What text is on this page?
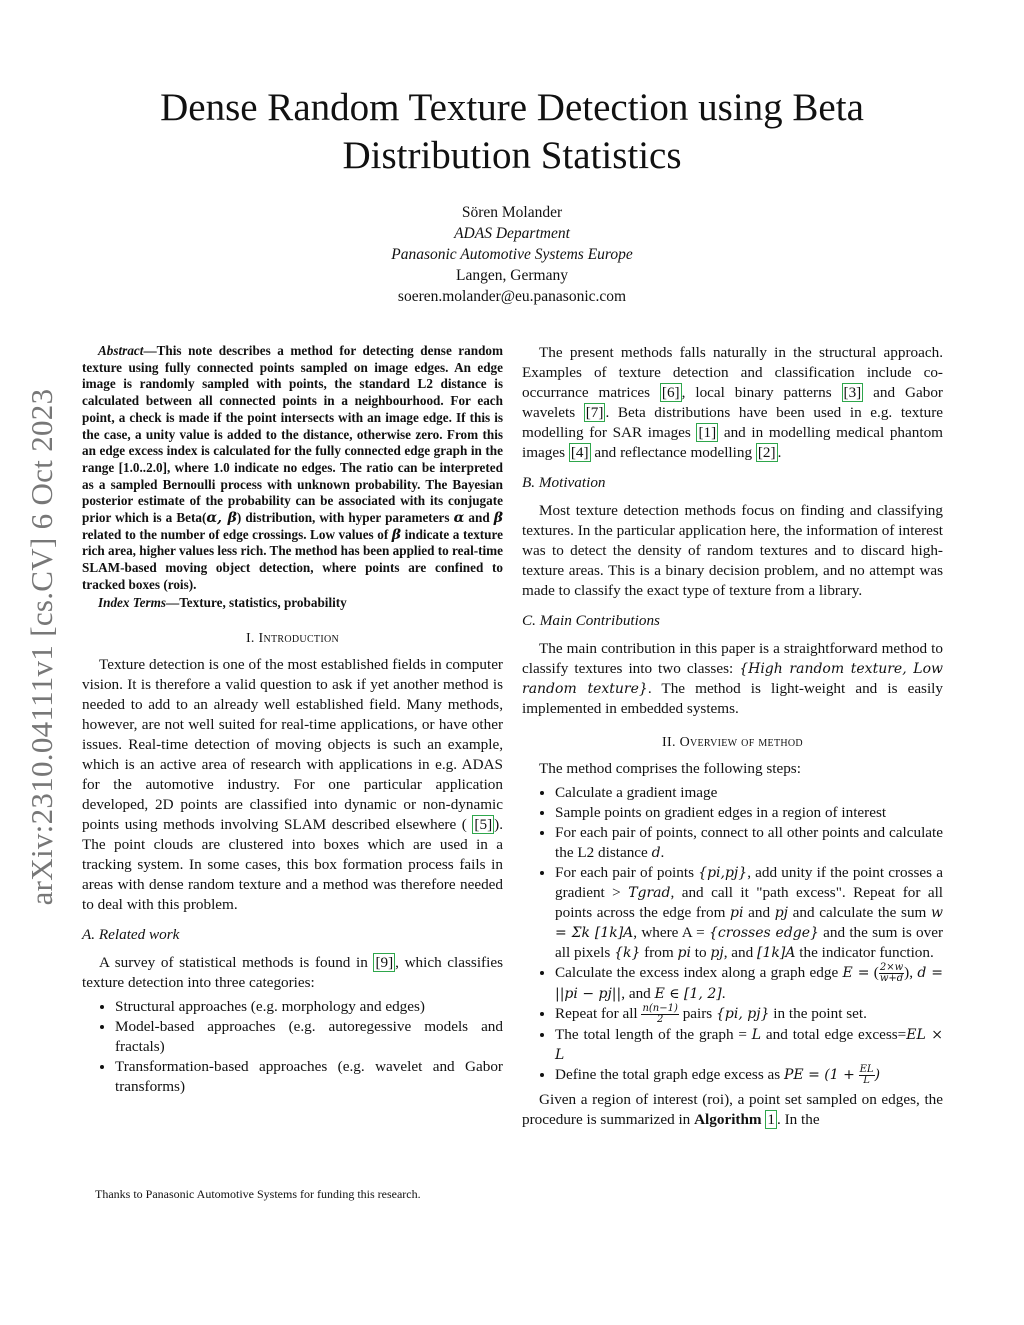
arXiv:2310.04111v1 [cs.CV] 6 Oct 2023
Dense Random Texture Detection using Beta Distribution Statistics
Sören Molander
ADAS Department
Panasonic Automotive Systems Europe
Langen, Germany
soeren.molander@eu.panasonic.com

Abstract—This note describes a method for detecting dense random texture using fully connected points sampled on image edges. An edge image is randomly sampled with points, the standard L2 distance is calculated between all connected points in a neighbourhood. For each point, a check is made if the point intersects with an image edge. If this is the case, a unity value is added to the distance, otherwise zero. From this an edge excess index is calculated for the fully connected edge graph in the range [1.0..2.0], where 1.0 indicate no edges. The ratio can be interpreted as a sampled Bernoulli process with unknown probability. The Bayesian posterior estimate of the probability can be associated with its conjugate prior which is a Beta(α, β) distribution, with hyper parameters α and β related to the number of edge crossings. Low values of β indicate a texture rich area, higher values less rich. The method has been applied to real-time SLAM-based moving object detection, where points are confined to tracked boxes (rois).

Index Terms—Texture, statistics, probability

I. Introduction

Texture detection is one of the most established fields in computer vision. It is therefore a valid question to ask if yet another method is needed to add to an already well established field. Many methods, however, are not well suited for real-time applications, or have other issues. Real-time detection of moving objects is such an example, which is an active area of research with applications in e.g. ADAS for the automotive industry. For one particular application developed, 2D points are classified into dynamic or non-dynamic points using methods involving SLAM described elsewhere ( [5] ). The point clouds are clustered into boxes which are used in a tracking system. In some cases, this box formation process fails in areas with dense random texture and a method was therefore needed to deal with this problem.

A. Related work

A survey of statistical methods is found in [9] , which classifies texture detection into three categories:

• Structural approaches (e.g. morphology and edges)
• Model-based approaches (e.g. autoregessive models and fractals)
• Transformation-based approaches (e.g. wavelet and Gabor transforms)
Thanks to Panasonic Automotive Systems for funding this research.

The present methods falls naturally in the structural approach. Examples of texture detection and classification include co-occurrance matrices [6] , local binary patterns [3] and Gabor wavelets [7] . Beta distributions have been used in e.g. texture modelling for SAR images [1] and in modelling medical phantom images [4] and reflectance modelling [2] .

B. Motivation

Most texture detection methods focus on finding and classifying textures. In the particular application here, the information of interest was to detect the density of random textures and to discard high-texture areas. This is a binary decision problem, and no attempt was made to classify the exact type of texture from a library.

C. Main Contributions

The main contribution in this paper is a straightforward method to classify textures into two classes: {High random texture, Low random texture}. The method is light-weight and is easily implemented in embedded systems.

II. Overview of method

The method comprises the following steps:

• Calculate a gradient image
• Sample points on gradient edges in a region of interest
• For each pair of points, connect to all other points and calculate the L2 distance d.
• For each pair of points {pi,pj}, add unity if the point crosses a gradient > Tgrad, and call it "path excess". Repeat for all points across the edge from pi and pj and calculate the sum w = Σk [1k]A, where A = {crosses edge} and the sum is over all pixels {k} from pi to pj, and [1k]A the indicator function.
• Calculate the excess index along a graph edge E = ( $\frac{2\times w}{w+d}$ ), d = ||pi − pj||, and E ∈ [1, 2].
• Repeat for all $\frac{n(n-1)}{2}$ pairs {pi, pj} in the point set.
• The total length of the graph = L and total edge excess=EL × L
• Define the total graph edge excess as PE = ($1 + \frac{EL}{L}$ )

Given a region of interest (roi), a point set sampled on edges, the procedure is summarized in Algorithm 1 . In the
